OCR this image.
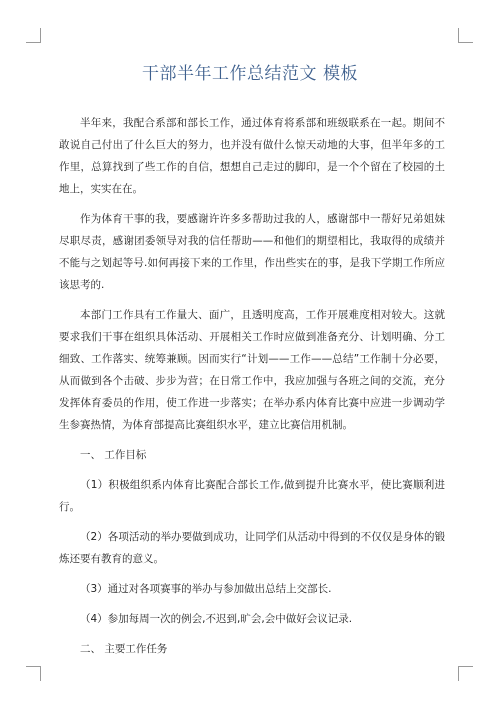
干部半年工作总结范文 模板

半年来，我配合系部和部长工作，通过体育将系部和班级联系在一起。期间不敢说自己付出了什么巨大的努力，也并没有做什么惊天动地的大事，但半年多的工作里，总算找到了些工作的自信，想想自己走过的脚印，是一个个留在了校园的土地上，实实在在。

作为体育干事的我，要感谢许许多多帮助过我的人，感谢部中一帮好兄弟姐妹尽职尽责，感谢团委领导对我的信任帮助——和他们的期望相比，我取得的成绩并不能与之划起等号.如何再接下来的工作里，作出些实在的事，是我下学期工作所应该思考的.

本部门工作具有工作量大、面广，且透明度高，工作开展难度相对较大。这就要求我们干事在组织具体活动、开展相关工作时应做到准备充分、计划明确、分工细致、工作落实、统筹兼顾。因而实行“计划——工作——总结”工作制十分必要，从而做到各个击破、步步为营；在日常工作中，我应加强与各班之间的交流，充分发挥体育委员的作用，使工作进一步落实；在举办系内体育比赛中应进一步调动学生参赛热情，为体育部提高比赛组织水平，建立比赛信用机制。

一、 工作目标

（1）积极组织系内体育比赛配合部长工作,做到提升比赛水平，使比赛顺利进行。

（2）各项活动的举办要做到成功，让同学们从活动中得到的不仅仅是身体的锻炼还要有教育的意义。

（3）通过对各项赛事的举办与参加做出总结上交部长.

（4）参加每周一次的例会,不迟到,旷会,会中做好会议记录.

二、 主要工作任务
